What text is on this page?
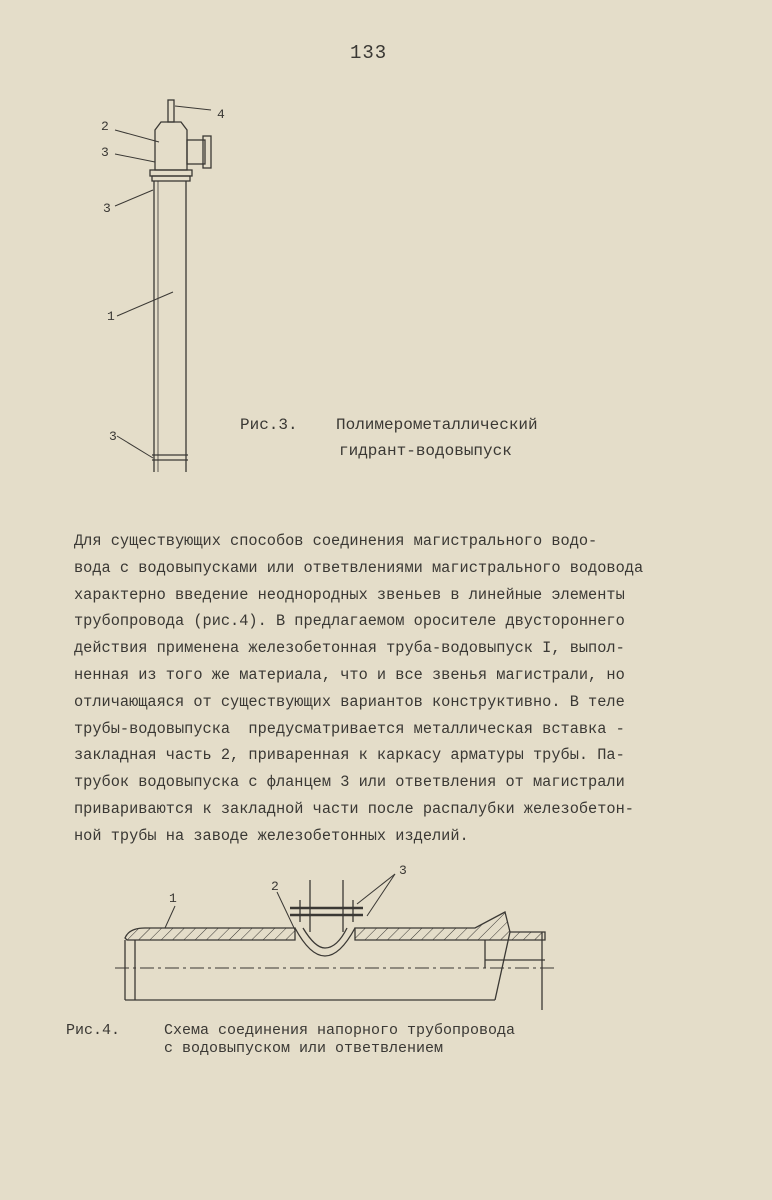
133
4
2
3
3
1
3
Рис.3. Полимерометаллический
гидрант-водовыпуск
Для существующих способов соединения магистрального водо-
вода с водовыпусками или ответвлениями магистрального водовода
характерно введение неоднородных звеньев в линейные элементы
трубопровода (рис.4). В предлагаемом оросителе двустороннего
действия применена железобетонная труба-водовыпуск I, выпол-
ненная из того же материала, что и все звенья магистрали, но
отличающаяся от существующих вариантов конструктивно. В теле
трубы-водовыпуска  предусматривается металлическая вставка -
закладная часть 2, приваренная к каркасу арматуры трубы. Па-
трубок водовыпуска с фланцем 3 или ответвления от магистрали
привариваются к закладной части после распалубки железобетон-
ной трубы на заводе железобетонных изделий.
1
2
3
Рис.4.	Схема соединения напорного трубопровода
с водовыпуском или ответвлением
